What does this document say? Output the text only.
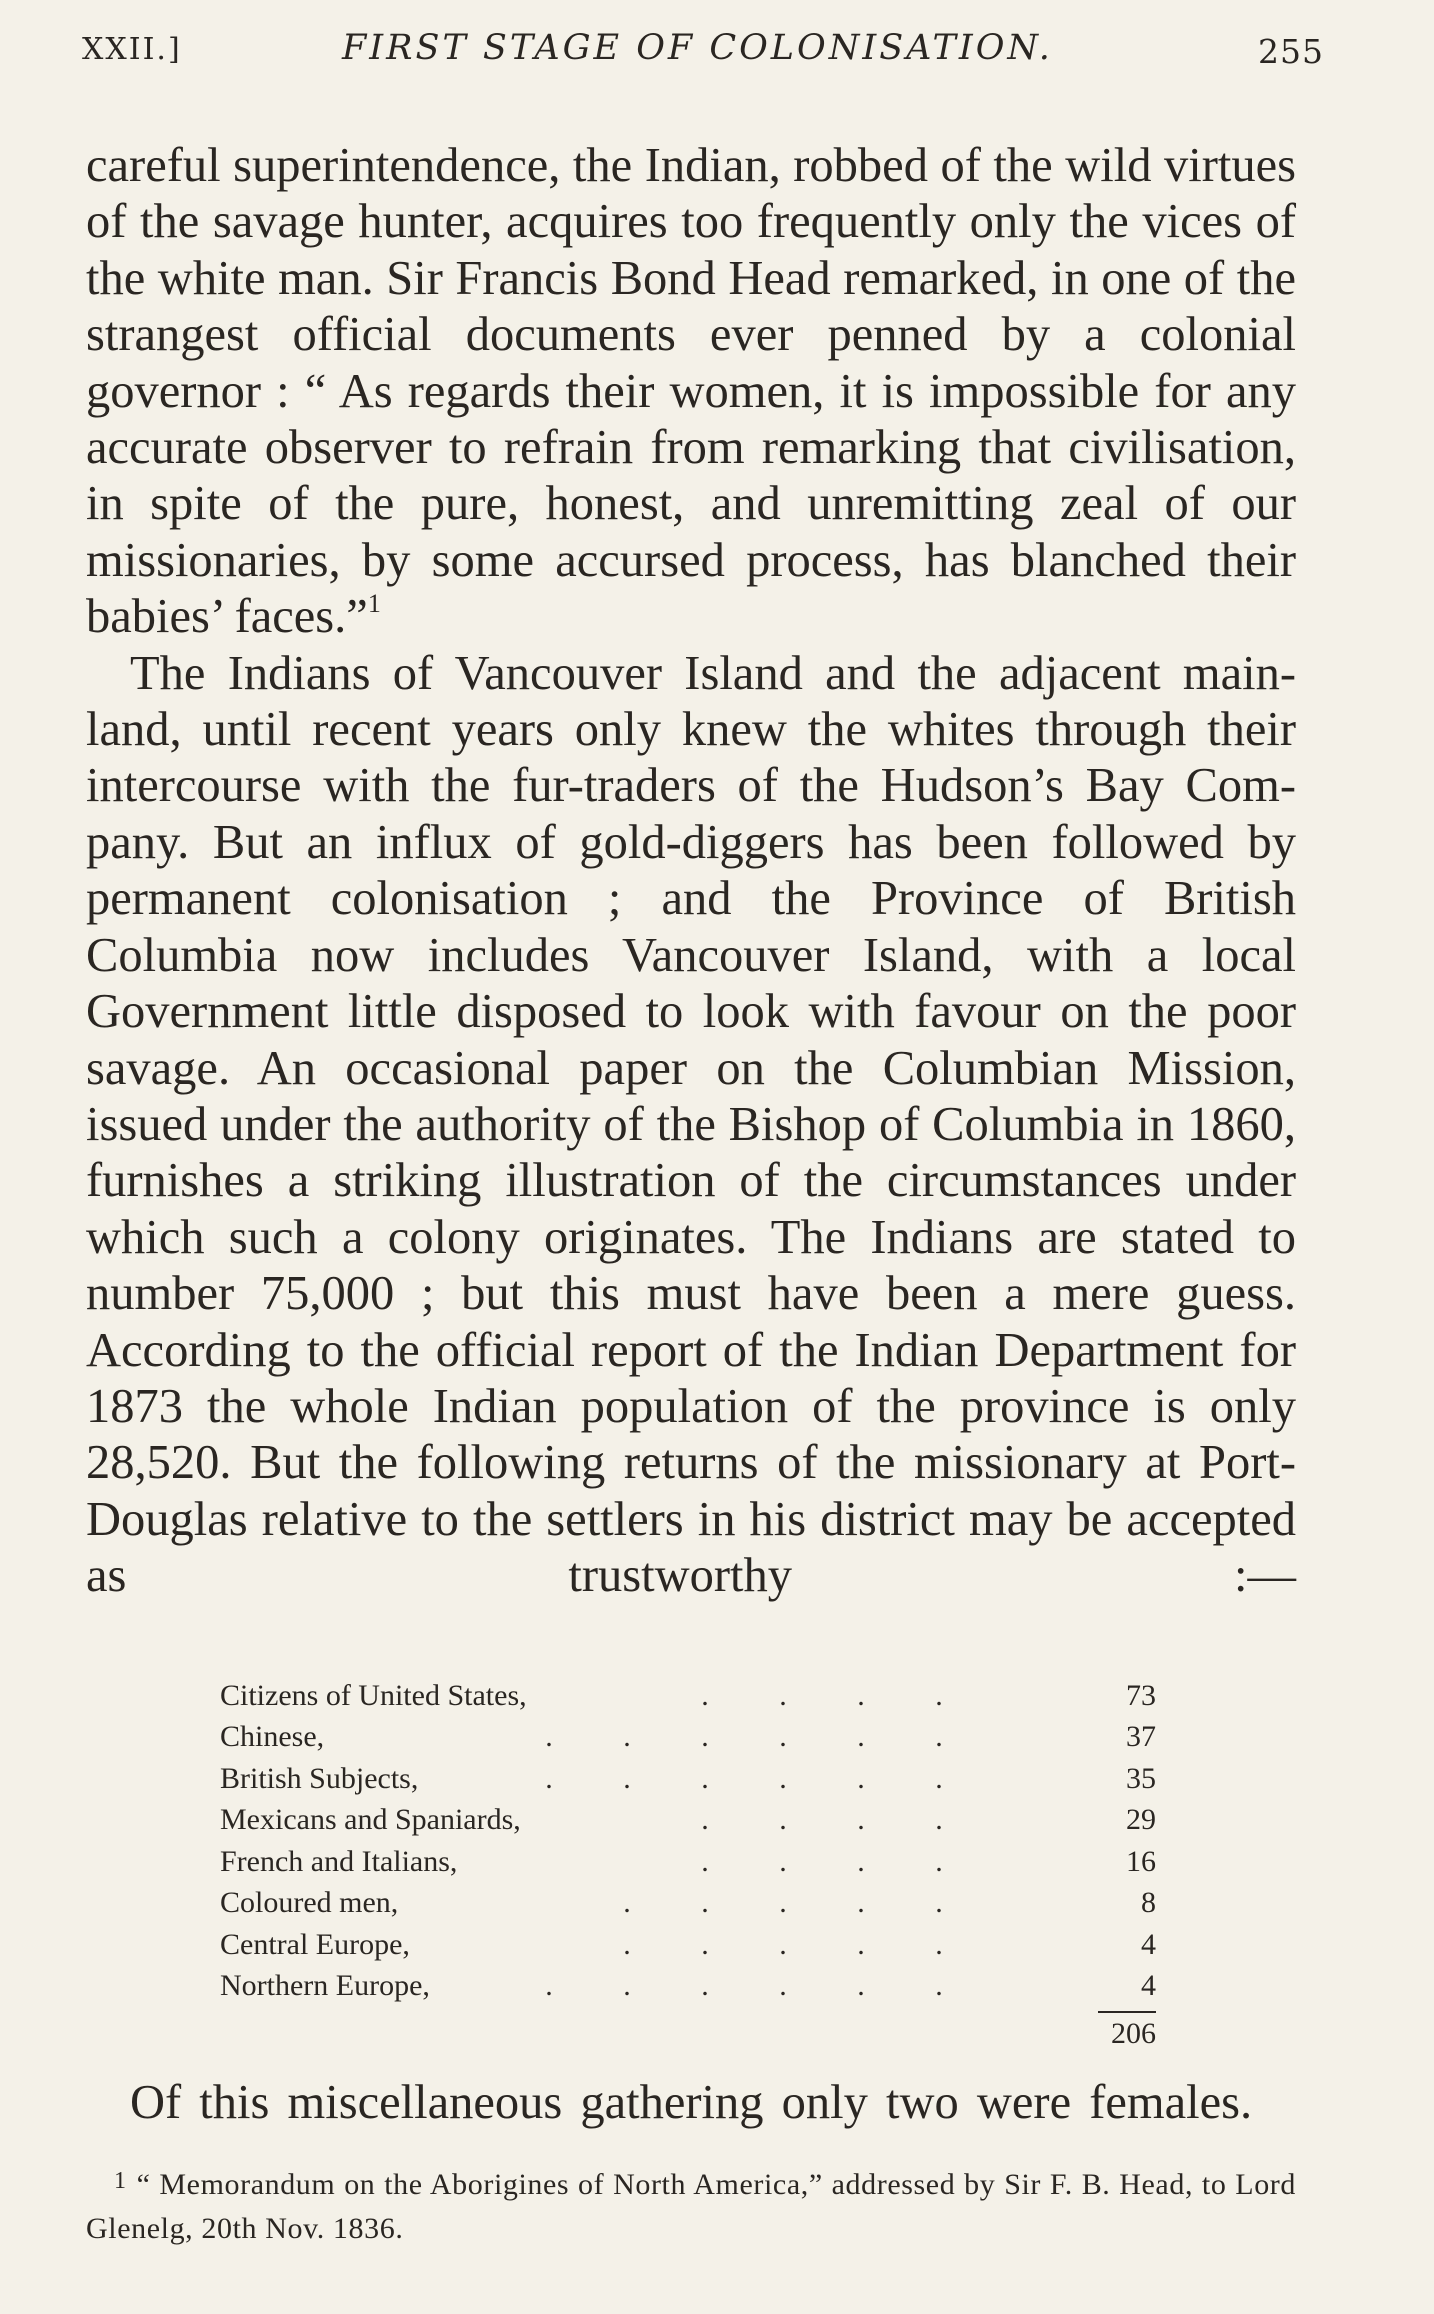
XXII.]	FIRST STAGE OF COLONISATION.	255

careful superintendence, the Indian, robbed of the wild virtues of the savage hunter, acquires too frequently only the vices of the white man. Sir Francis Bond Head remarked, in one of the strangest official documents ever penned by a colonial governor : “ As regards their women, it is impossible for any accurate observer to refrain from remarking that civilisation, in spite of the pure, honest, and unremitting zeal of our missionaries, by some accursed process, has blanched their babies’ faces.”$^1$

The Indians of Vancouver Island and the adjacent main-land, until recent years only knew the whites through their intercourse with the fur-traders of the Hudson’s Bay Com-pany. But an influx of gold-diggers has been followed by permanent colonisation ; and the Province of British Columbia now includes Vancouver Island, with a local Government little disposed to look with favour on the poor savage. An occasional paper on the Columbian Mission, issued under the authority of the Bishop of Columbia in 1860, furnishes a striking illustration of the circumstances under which such a colony originates. The Indians are stated to number 75,000 ; but this must have been a mere guess. According to the official report of the Indian Department for 1873 the whole Indian population of the province is only 28,520. But the following returns of the missionary at Port-Douglas relative to the settlers in his district may be accepted as trustworthy :—

Citizens of United States,	. . . .	73
Chinese,	. . . . . .	37
British Subjects,	. . . . . .	35
Mexicans and Spaniards,	. . . .	29
French and Italians,	. . . .	16
Coloured men,	. . . . .	8
Central Europe,	. . . . .	4
Northern Europe,	. . . . . .	4
206
Of this miscellaneous gathering only two were females.
$^1$ “ Memorandum on the Aborigines of North America,” addressed by Sir F. B. Head, to Lord Glenelg, 20th Nov. 1836.
